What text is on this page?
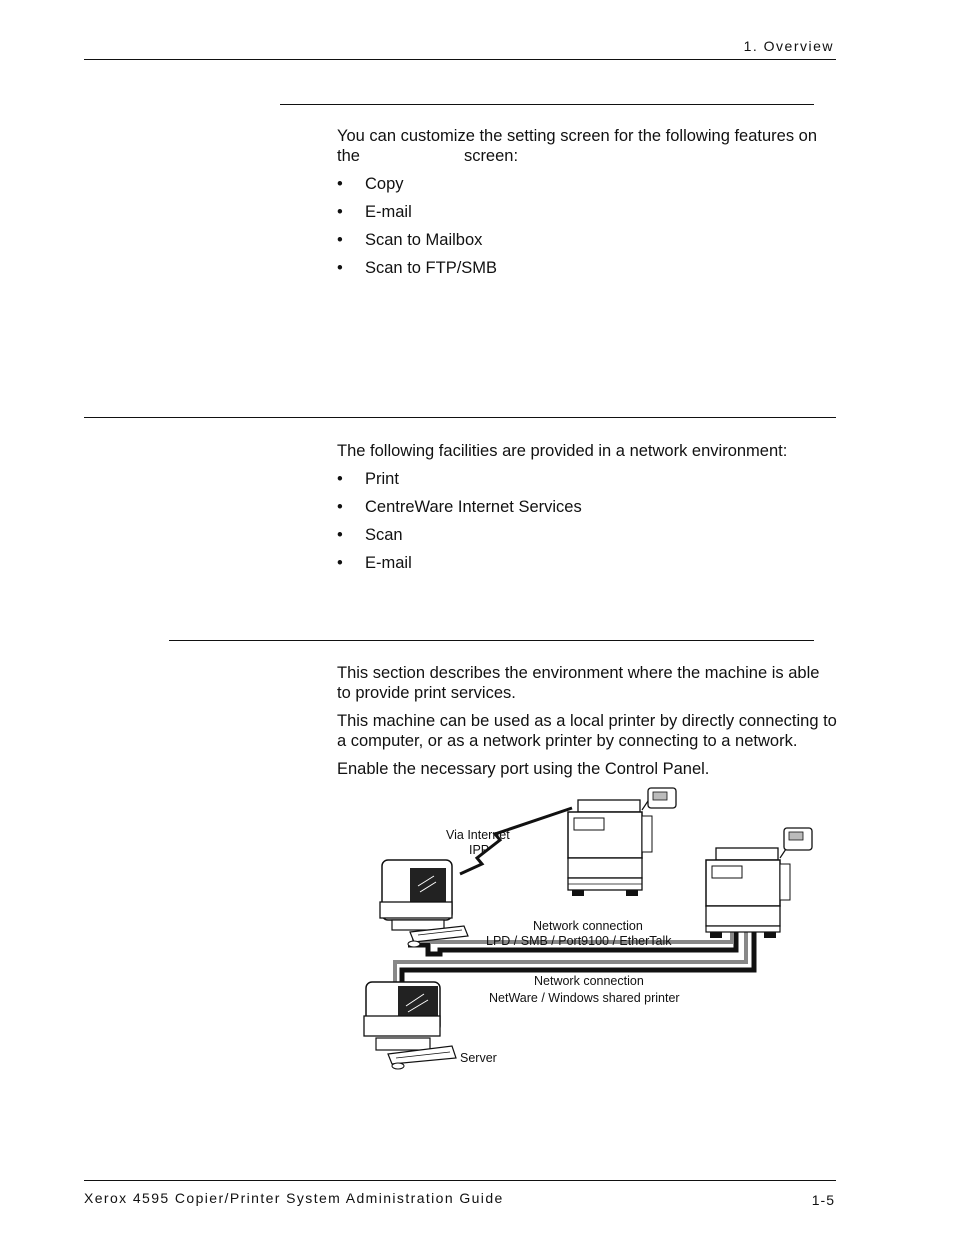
1. Overview
You can customize the setting screen for the following features on the	screen:
• Copy
• E-mail
• Scan to Mailbox
• Scan to FTP/SMB
The following facilities are provided in a network environment:
• Print
• CentreWare Internet Services
• Scan
• E-mail

This section describes the environment where the machine is able to provide print services.

This machine can be used as a local printer by directly connecting to a computer, or as a network printer by connecting to a network.

Enable the necessary port using the Control Panel.

Via Internet
IPP
Network connection
LPD / SMB / Port9100 / EtherTalk
Network connection
NetWare / Windows shared printer
Server
Xerox 4595 Copier/Printer System Administration Guide	1-5
